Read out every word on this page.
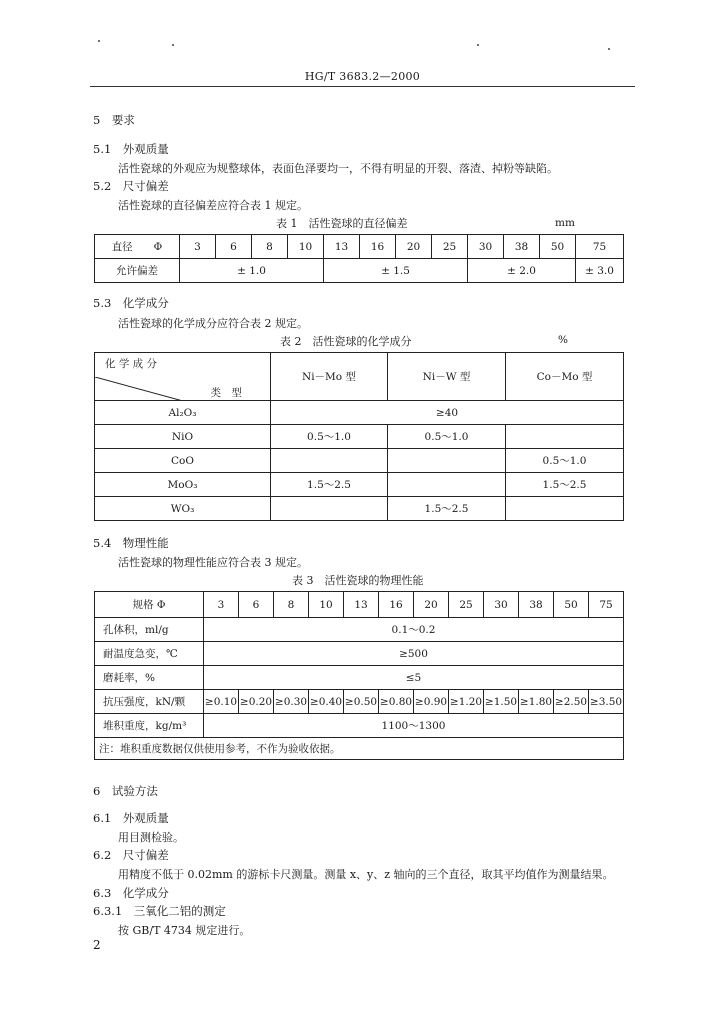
HG/T 3683.2—2000
5　要求
5.1　外观质量
活性瓷球的外观应为规整球体，表面色泽要均一，不得有明显的开裂、落渣、掉粉等缺陷。
5.2　尺寸偏差
活性瓷球的直径偏差应符合表 1 规定。
表 1　活性瓷球的直径偏差	mm
直径　　Φ	3	6	8	10	13	16	20	25	30	38	50	75
允许偏差	± 1.0				± 1.5				± 2.0			± 3.0
5.3　化学成分
活性瓷球的化学成分应符合表 2 规定。
表 2　活性瓷球的化学成分	%
类　型
化 学 成 分	Ni－Mo 型	Ni－W 型	Co－Mo 型
Al₂O₃	≥40		
NiO	0.5～1.0	0.5～1.0	
CoO			0.5～1.0
MoO₃	1.5～2.5		1.5～2.5
WO₃		1.5～2.5	
5.4　物理性能
活性瓷球的物理性能应符合表 3 规定。
表 3　活性瓷球的物理性能
规格 Φ	3	6	8	10	13	16	20	25	30	38	50	75
孔体积，ml/g	0.1～0.2											
耐温度急变，℃	≥500											
磨耗率，%	≤5											
抗压强度，kN/颗	≥0.10	≥0.20	≥0.30	≥0.40	≥0.50	≥0.80	≥0.90	≥1.20	≥1.50	≥1.80	≥2.50	≥3.50
堆积重度，kg/m³	1100～1300											
注：堆积重度数据仅供使用参考，不作为验收依据。												
6　试验方法
6.1　外观质量
用目测检验。
6.2　尺寸偏差
用精度不低于 0.02mm 的游标卡尺测量。测量 x、y、z 轴向的三个直径，取其平均值作为测量结果。
6.3　化学成分
6.3.1　三氧化二铝的测定
按 GB/T 4734 规定进行。
2
